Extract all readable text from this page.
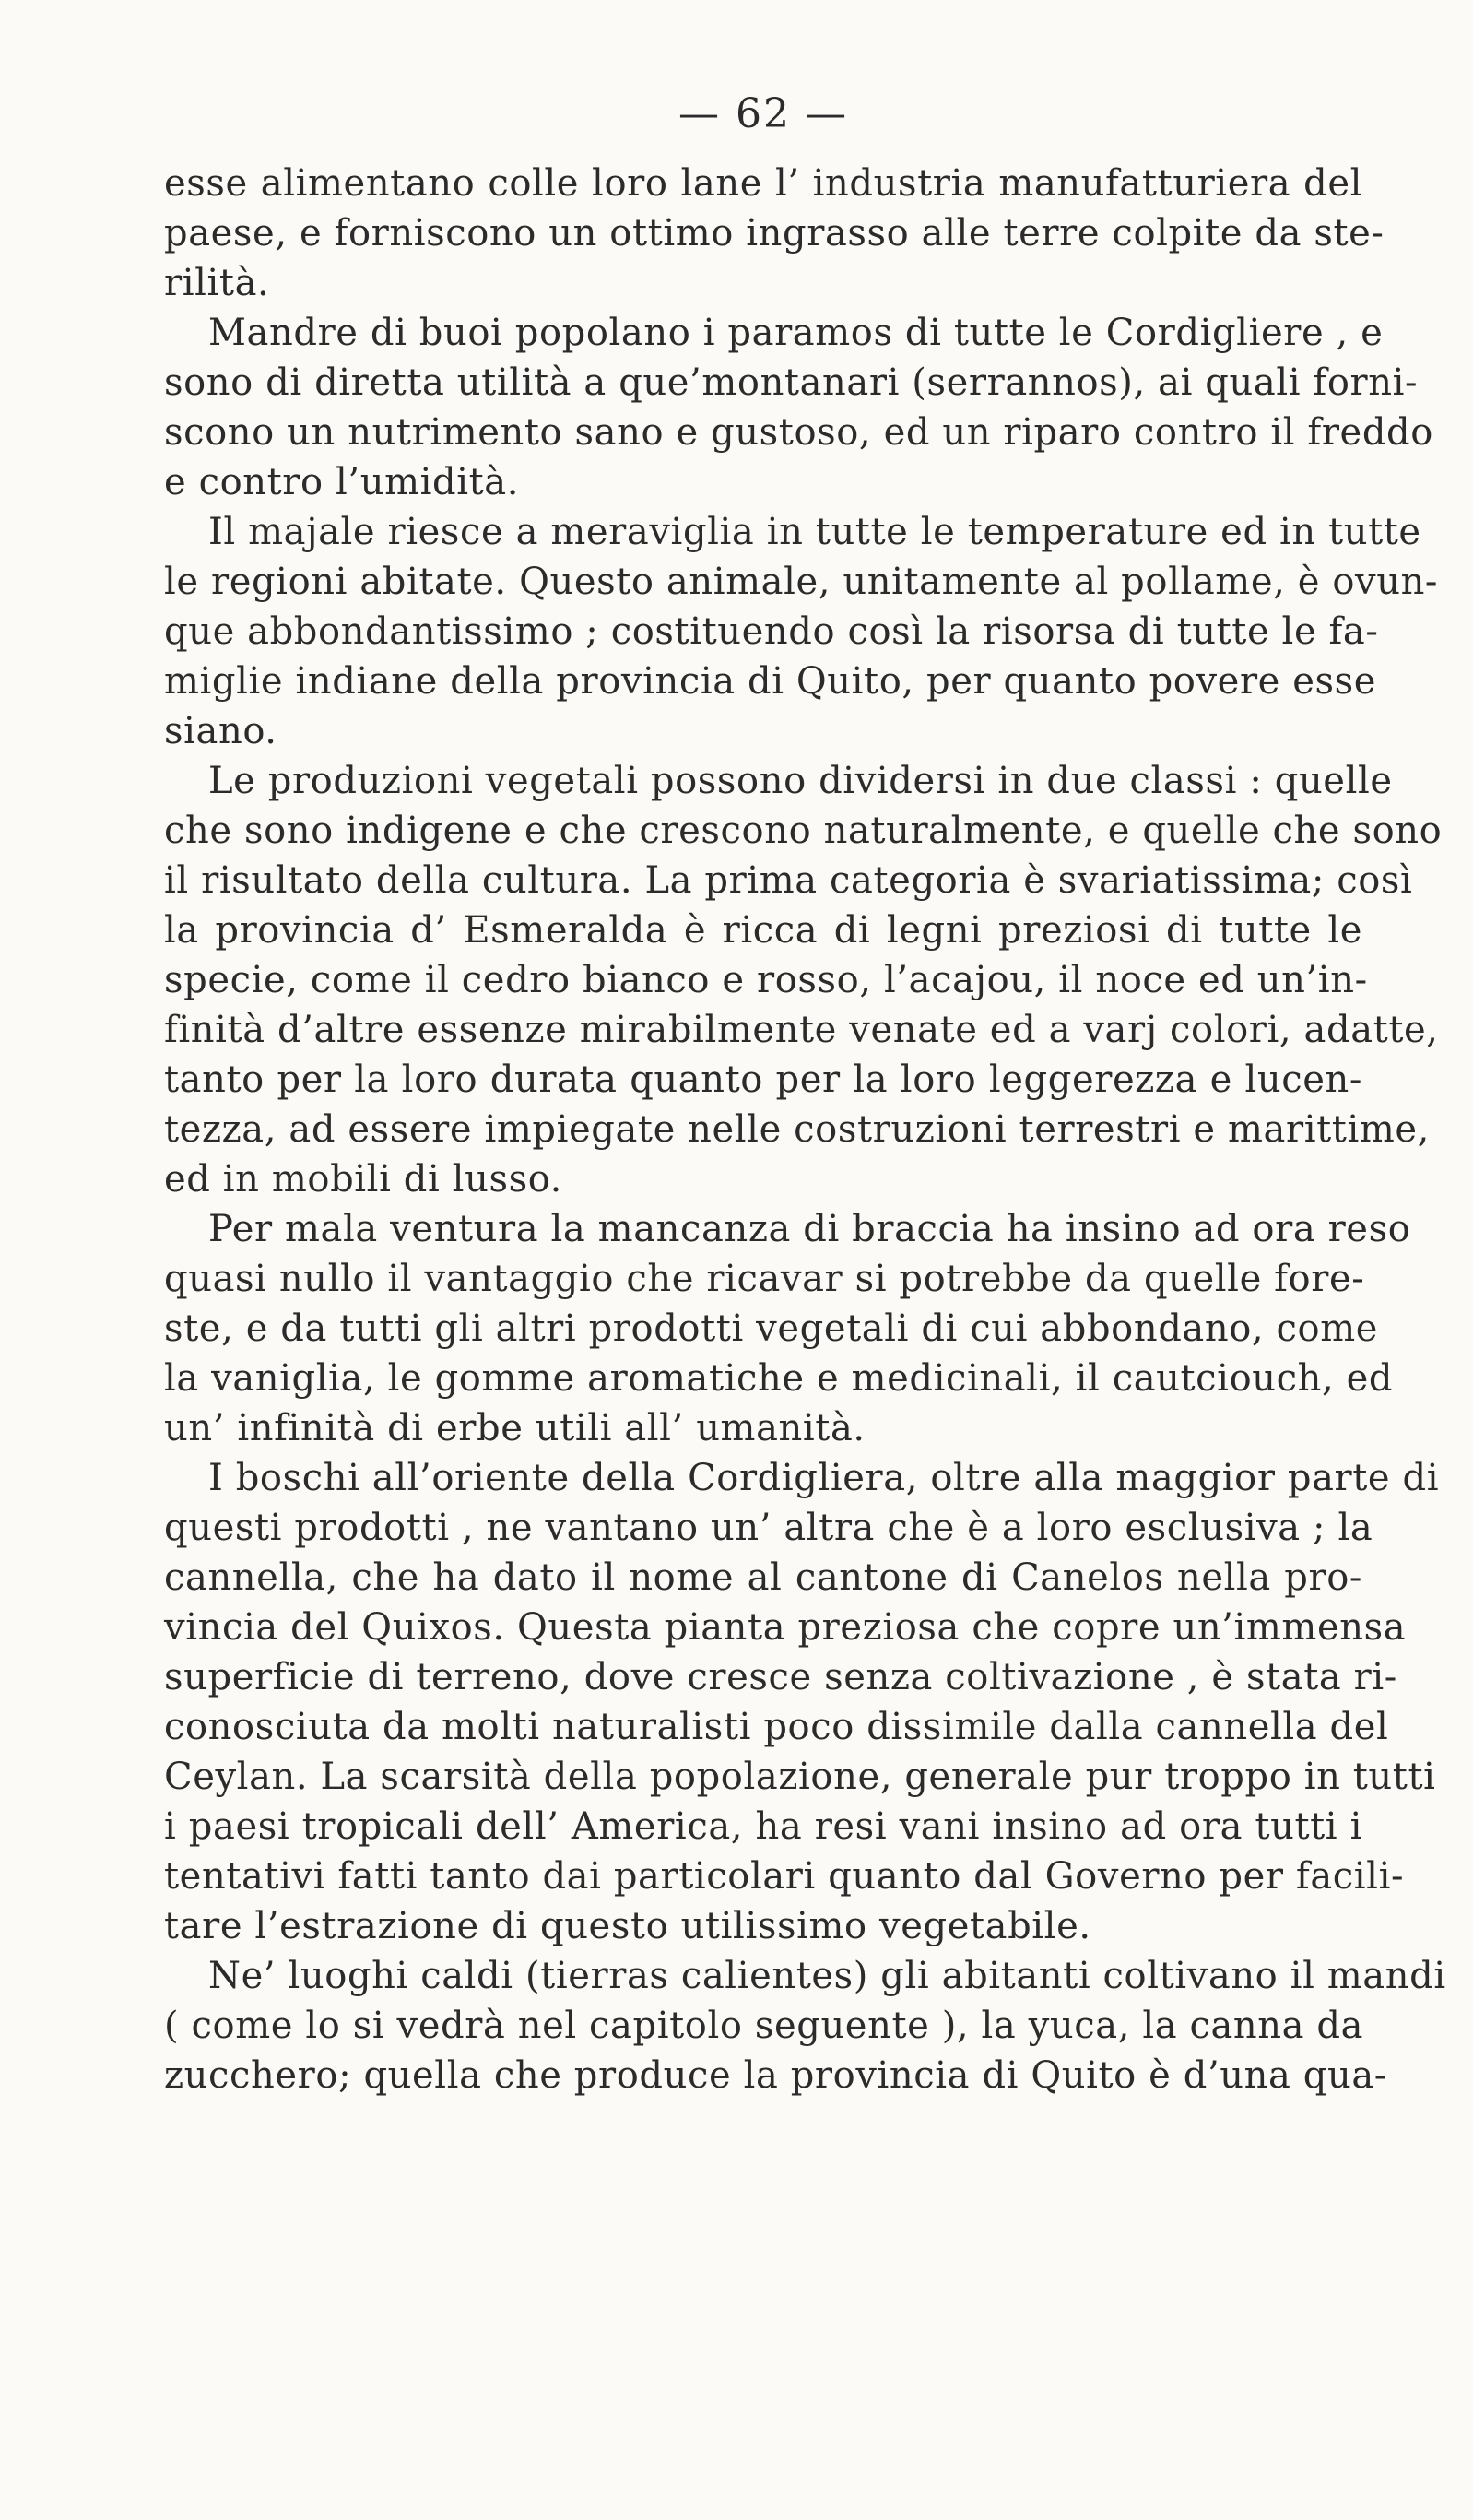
— 62 —
esse alimentano colle loro lane l’ industria manufatturiera del
paese, e forniscono un ottimo ingrasso alle terre colpite da ste-
rilità.
Mandre di buoi popolano i paramos di tutte le Cordigliere , e
sono di diretta utilità a que’montanari (serrannos), ai quali forni-
scono un nutrimento sano e gustoso, ed un riparo contro il freddo
e contro l’umidità.
Il majale riesce a meraviglia in tutte le temperature ed in tutte
le regioni abitate. Questo animale, unitamente al pollame, è ovun-
que abbondantissimo ; costituendo così la risorsa di tutte le fa-
miglie indiane della provincia di Quito, per quanto povere esse
siano.
Le produzioni vegetali possono dividersi in due classi : quelle
che sono indigene e che crescono naturalmente, e quelle che sono
il risultato della cultura. La prima categoria è svariatissima; così
la provincia d’ Esmeralda è ricca di legni preziosi di tutte le
specie, come il cedro bianco e rosso, l’acajou, il noce ed un’in-
finità d’altre essenze mirabilmente venate ed a varj colori, adatte,
tanto per la loro durata quanto per la loro leggerezza e lucen-
tezza, ad essere impiegate nelle costruzioni terrestri e marittime,
ed in mobili di lusso.
Per mala ventura la mancanza di braccia ha insino ad ora reso
quasi nullo il vantaggio che ricavar si potrebbe da quelle fore-
ste, e da tutti gli altri prodotti vegetali di cui abbondano, come
la vaniglia, le gomme aromatiche e medicinali, il cautciouch, ed
un’ infinità di erbe utili all’ umanità.
I boschi all’oriente della Cordigliera, oltre alla maggior parte di
questi prodotti , ne vantano un’ altra che è a loro esclusiva ; la
cannella, che ha dato il nome al cantone di Canelos nella pro-
vincia del Quixos. Questa pianta preziosa che copre un’immensa
superficie di terreno, dove cresce senza coltivazione , è stata ri-
conosciuta da molti naturalisti poco dissimile dalla cannella del
Ceylan. La scarsità della popolazione, generale pur troppo in tutti
i paesi tropicali dell’ America, ha resi vani insino ad ora tutti i
tentativi fatti tanto dai particolari quanto dal Governo per facili-
tare l’estrazione di questo utilissimo vegetabile.
Ne’ luoghi caldi (tierras calientes) gli abitanti coltivano il mandi
( come lo si vedrà nel capitolo seguente ), la yuca, la canna da
zucchero; quella che produce la provincia di Quito è d’una qua-
